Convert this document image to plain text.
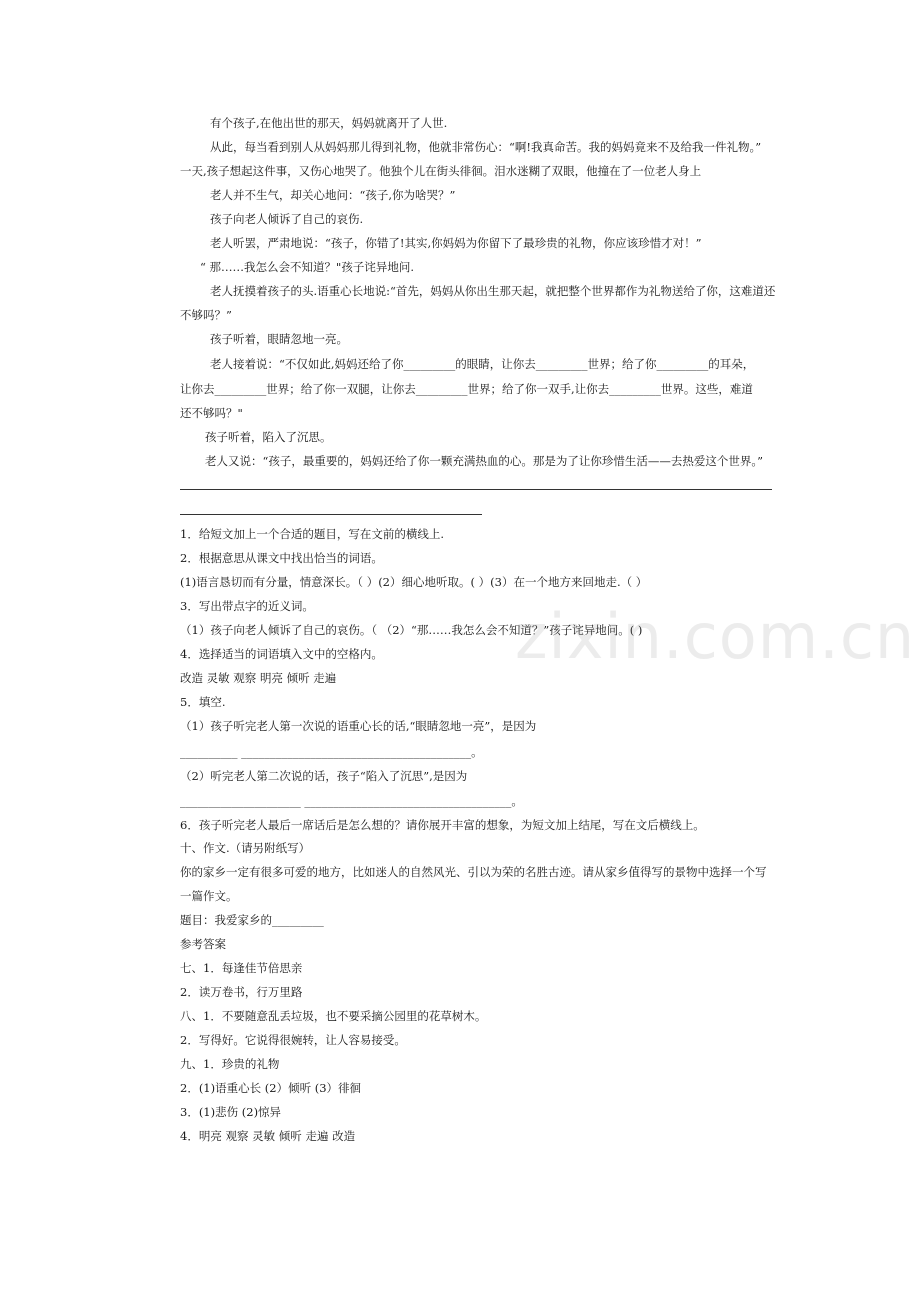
有个孩子,在他出世的那天，妈妈就离开了人世.
从此，每当看到别人从妈妈那儿得到礼物，他就非常伤心：“啊!我真命苦。我的妈妈竟来不及给我一件礼物。”
一天,孩子想起这件事，又伤心地哭了。他独个儿在街头徘徊。泪水迷糊了双眼，他撞在了一位老人身上
老人并不生气，却关心地问：“孩子,你为啥哭？”
孩子向老人倾诉了自己的哀伤.
老人听罢，严肃地说：“孩子，你错了!其实,你妈妈为你留下了最珍贵的礼物，你应该珍惜才对！”
“ 那……我怎么会不知道？"孩子诧异地问.
老人抚摸着孩子的头.语重心长地说:“首先，妈妈从你出生那天起，就把整个世界都作为礼物送给了你，这难道还
不够吗？”
孩子听着，眼睛忽地一亮。
老人接着说：“不仅如此,妈妈还给了你_________的眼睛，让你去_________世界；给了你_________的耳朵，
让你去_________世界；给了你一双腿，让你去_________世界；给了你一双手,让你去_________世界。这些，难道
还不够吗？"
孩子听着，陷入了沉思。
老人又说：“孩子，最重要的，妈妈还给了你一颗充满热血的心。那是为了让你珍惜生活——去热爱这个世界。”
1．给短文加上一个合适的题目，写在文前的横线上.
2．根据意思从课文中找出恰当的词语。
(1)语言恳切而有分量，情意深长。（ ）(2）细心地听取。( ）(3）在一个地方来回地走.（ ）
3．写出带点字的近义词。
（1）孩子向老人倾诉了自己的哀伤。（ （2）“那……我怎么会不知道？”孩子诧异地问。( )
4．选择适当的词语填入文中的空格内。
改造 灵敏 观察 明亮 倾听 走遍
5．填空.
（1）孩子听完老人第一次说的语重心长的话,“眼睛忽地一亮”，是因为
__________ ________________________________________。
（2）听完老人第二次说的话，孩子“陷入了沉思”,是因为
_____________________ ____________________________________。
6．孩子听完老人最后一席话后是怎么想的？请你展开丰富的想象，为短文加上结尾，写在文后横线上。
十、作文.（请另附纸写）
你的家乡一定有很多可爱的地方，比如迷人的自然风光、引以为荣的名胜古迹。请从家乡值得写的景物中选择一个写
一篇作文。
题目：我爱家乡的_________
参考答案
七、1．每逢佳节倍思亲
2．读万卷书，行万里路
八、1．不要随意乱丢垃圾，也不要采摘公园里的花草树木。
2．写得好。它说得很婉转，让人容易接受。
九、1．珍贵的礼物
2．(1)语重心长 (2）倾听 (3）徘徊
3．(1)悲伤 (2)惊异
4．明亮 观察 灵敏 倾听 走遍 改造
zixin.com.cn
